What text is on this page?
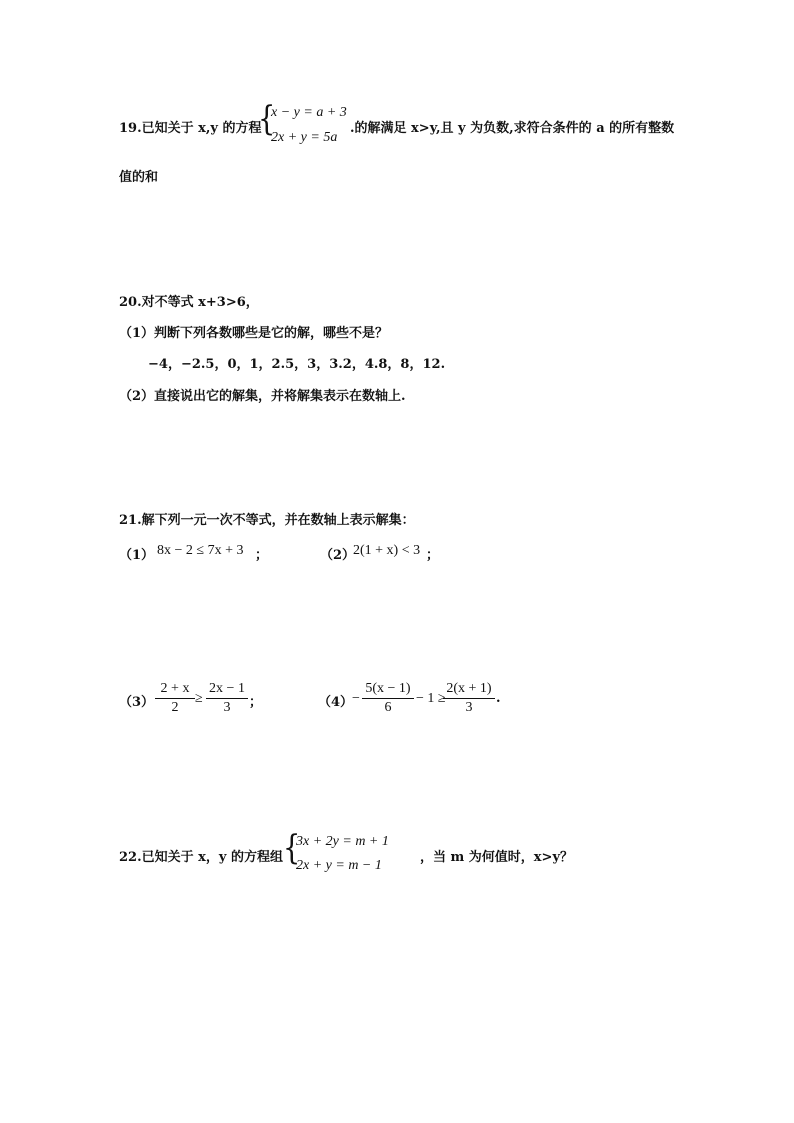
19.已知关于 x,y 的方程
{
x − y = a + 3
2x + y = 5a
.的解满足 x>y,且 y 为负数,求符合条件的 a 的所有整数
值的和
20.对不等式 x+3>6，
（1）判断下列各数哪些是它的解，哪些不是？
−4，−2.5，0，1，2.5，3，3.2，4.8，8，12.
（2）直接说出它的解集，并将解集表示在数轴上.
21.解下列一元一次不等式，并在数轴上表示解集：
（1） 8x − 2 ≤ 7x + 3 ；	（2）
2(1 + x) < 3 ；
（3）
2 + x
2
≥
2x − 1
3	；	（4）
−
5(x − 1)
6
− 1 ≥
2(x + 1)
3
.
22.已知关于 x，y 的方程组 {
3x + 2y = m + 1
2x + y = m − 1
，当 m 为何值时，x>y？
